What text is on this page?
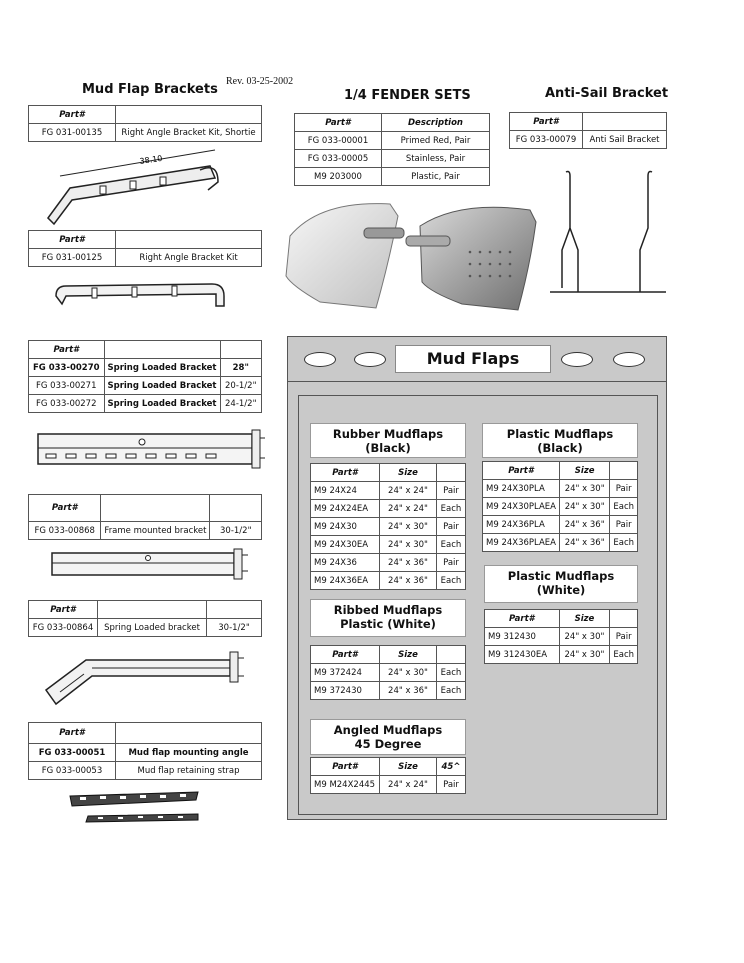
Mud Flap Brackets
Rev. 03-25-2002
1/4 FENDER SETS	Anti-Sail Bracket
Part#	
FG 031-00135	Right Angle Bracket Kit, Shortie
38.10
Part#	
FG 031-00125	Right Angle Bracket Kit
Part#		
FG 033-00270	Spring Loaded Bracket	28"
FG 033-00271	Spring Loaded Bracket	20-1/2"
FG 033-00272	Spring Loaded Bracket	24-1/2"
Part#		
FG 033-00868	Frame mounted bracket	30-1/2"
Part#		
FG 033-00864	Spring Loaded bracket	30-1/2"
Part#	
FG 033-00051	Mud flap mounting angle
FG 033-00053	Mud flap retaining strap
Part#	Description
FG 033-00001	Primed Red, Pair
FG 033-00005	Stainless, Pair
M9 203000	Plastic, Pair
Part#	
FG 033-00079	Anti Sail Bracket
Mud Flaps
Rubber Mudflaps
(Black)
Part#	Size	
M9 24X24	24" x 24"	Pair
M9 24X24EA	24" x 24"	Each
M9 24X30	24" x 30"	Pair
M9 24X30EA	24" x 30"	Each
M9 24X36	24" x 36"	Pair
M9 24X36EA	24" x 36"	Each
Ribbed Mudflaps
Plastic (White)
Part#	Size	
M9 372424	24" x 30"	Each
M9 372430	24" x 36"	Each
Angled Mudflaps
45 Degree
Part#	Size	45^
M9 M24X2445	24" x 24"	Pair
Plastic Mudflaps
(Black)
Part#	Size	
M9 24X30PLA	24" x 30"	Pair
M9 24X30PLAEA	24" x 30"	Each
M9 24X36PLA	24" x 36"	Pair
M9 24X36PLAEA	24" x 36"	Each
Plastic Mudflaps
(White)
Part#	Size	
M9 312430	24" x 30"	Pair
M9 312430EA	24" x 30"	Each
